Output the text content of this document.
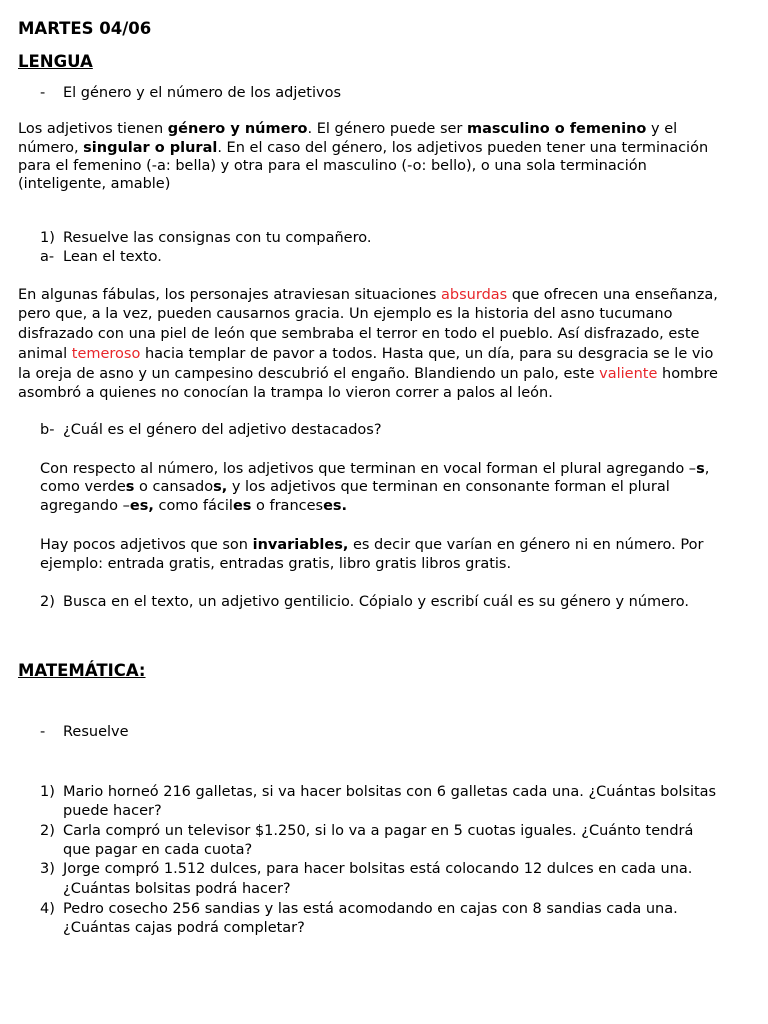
MARTES 04/06
LENGUA
- El género y el número de los adjetivos
Los adjetivos tienen género y número. El género puede ser masculino o femenino y el
número, singular o plural. En el caso del género, los adjetivos pueden tener una terminación
para el femenino (-a: bella) y otra para el masculino (-o: bello), o una sola terminación
(inteligente, amable)
1) Resuelve las consignas con tu compañero.
a- Lean el texto.
En algunas fábulas, los personajes atraviesan situaciones absurdas que ofrecen una enseñanza,
pero que, a la vez, pueden causarnos gracia. Un ejemplo es la historia del asno tucumano
disfrazado con una piel de león que sembraba el terror en todo el pueblo. Así disfrazado, este
animal temeroso hacia templar de pavor a todos. Hasta que, un día, para su desgracia se le vio
la oreja de asno y un campesino descubrió el engaño. Blandiendo un palo, este valiente hombre
asombró a quienes no conocían la trampa lo vieron correr a palos al león.
b- ¿Cuál es el género del adjetivo destacados?
Con respecto al número, los adjetivos que terminan en vocal forman el plural agregando –s,
como verdes o cansados, y los adjetivos que terminan en consonante forman el plural
agregando –es, como fáciles o franceses.
Hay pocos adjetivos que son invariables, es decir que varían en género ni en número. Por
ejemplo: entrada gratis, entradas gratis, libro gratis libros gratis.
2) Busca en el texto, un adjetivo gentilicio. Cópialo y escribí cuál es su género y número.
MATEMÁTICA:
- Resuelve
1) Mario horneó 216 galletas, si va hacer bolsitas con 6 galletas cada una. ¿Cuántas bolsitas
puede hacer?
2) Carla compró un televisor $1.250, si lo va a pagar en 5 cuotas iguales. ¿Cuánto tendrá
que pagar en cada cuota?
3) Jorge compró 1.512 dulces, para hacer bolsitas está colocando 12 dulces en cada una.
¿Cuántas bolsitas podrá hacer?
4) Pedro cosecho 256 sandias y las está acomodando en cajas con 8 sandias cada una.
¿Cuántas cajas podrá completar?
